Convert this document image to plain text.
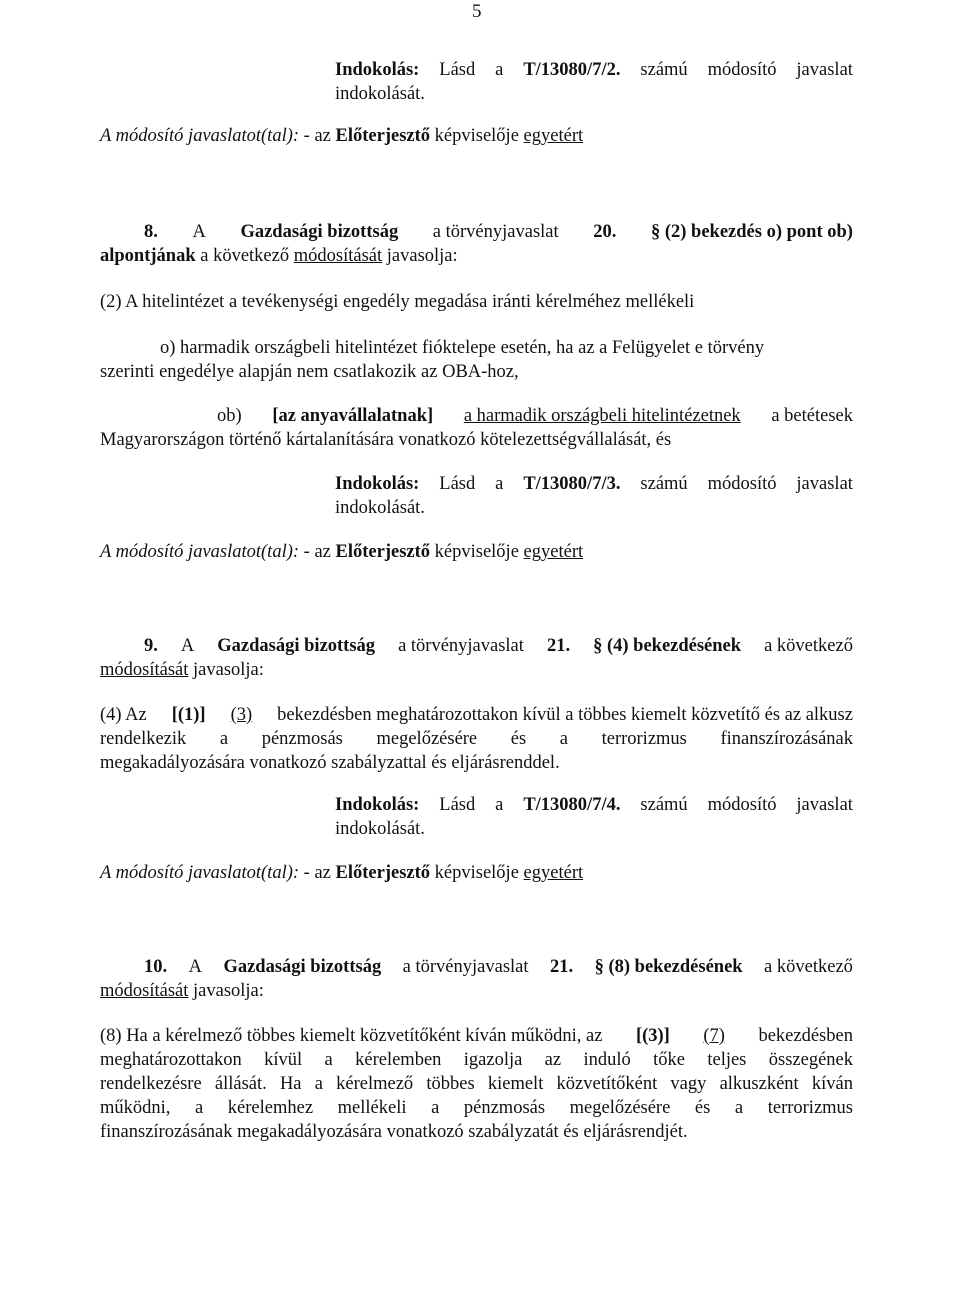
5
Indokolás: Lásd a T/13080/7/2. számú módosító javaslat
indokolását.
A módosító javaslatot(tal): - az Előterjesztő képviselője egyetért
8. A Gazdasági bizottság a törvényjavaslat 20. § (2) bekezdés o) pont ob)
alpontjának a következő módosítását javasolja:
(2) A hitelintézet a tevékenységi engedély megadása iránti kérelméhez mellékeli
o) harmadik országbeli hitelintézet fióktelepe esetén, ha az a Felügyelet e törvény
szerinti engedélye alapján nem csatlakozik az OBA-hoz,
ob) [az anyavállalatnak] a harmadik országbeli hitelintézetnek a betétesek
Magyarországon történő kártalanítására vonatkozó kötelezettségvállalását, és
Indokolás: Lásd a T/13080/7/3. számú módosító javaslat
indokolását.
A módosító javaslatot(tal): - az Előterjesztő képviselője egyetért
9. A Gazdasági bizottság a törvényjavaslat 21. § (4) bekezdésének a következő
módosítását javasolja:
(4) Az [(1)] (3) bekezdésben meghatározottakon kívül a többes kiemelt közvetítő és az alkusz
rendelkezik a pénzmosás megelőzésére és a terrorizmus finanszírozásának
megakadályozására vonatkozó szabályzattal és eljárásrenddel.
Indokolás: Lásd a T/13080/7/4. számú módosító javaslat
indokolását.
A módosító javaslatot(tal): - az Előterjesztő képviselője egyetért
10. A Gazdasági bizottság a törvényjavaslat 21. § (8) bekezdésének a következő
módosítását javasolja:
(8) Ha a kérelmező többes kiemelt közvetítőként kíván működni, az [(3)] (7) bekezdésben
meghatározottakon kívül a kérelemben igazolja az induló tőke teljes összegének
rendelkezésre állását. Ha a kérelmező többes kiemelt közvetítőként vagy alkuszként kíván
működni, a kérelemhez mellékeli a pénzmosás megelőzésére és a terrorizmus
finanszírozásának megakadályozására vonatkozó szabályzatát és eljárásrendjét.
